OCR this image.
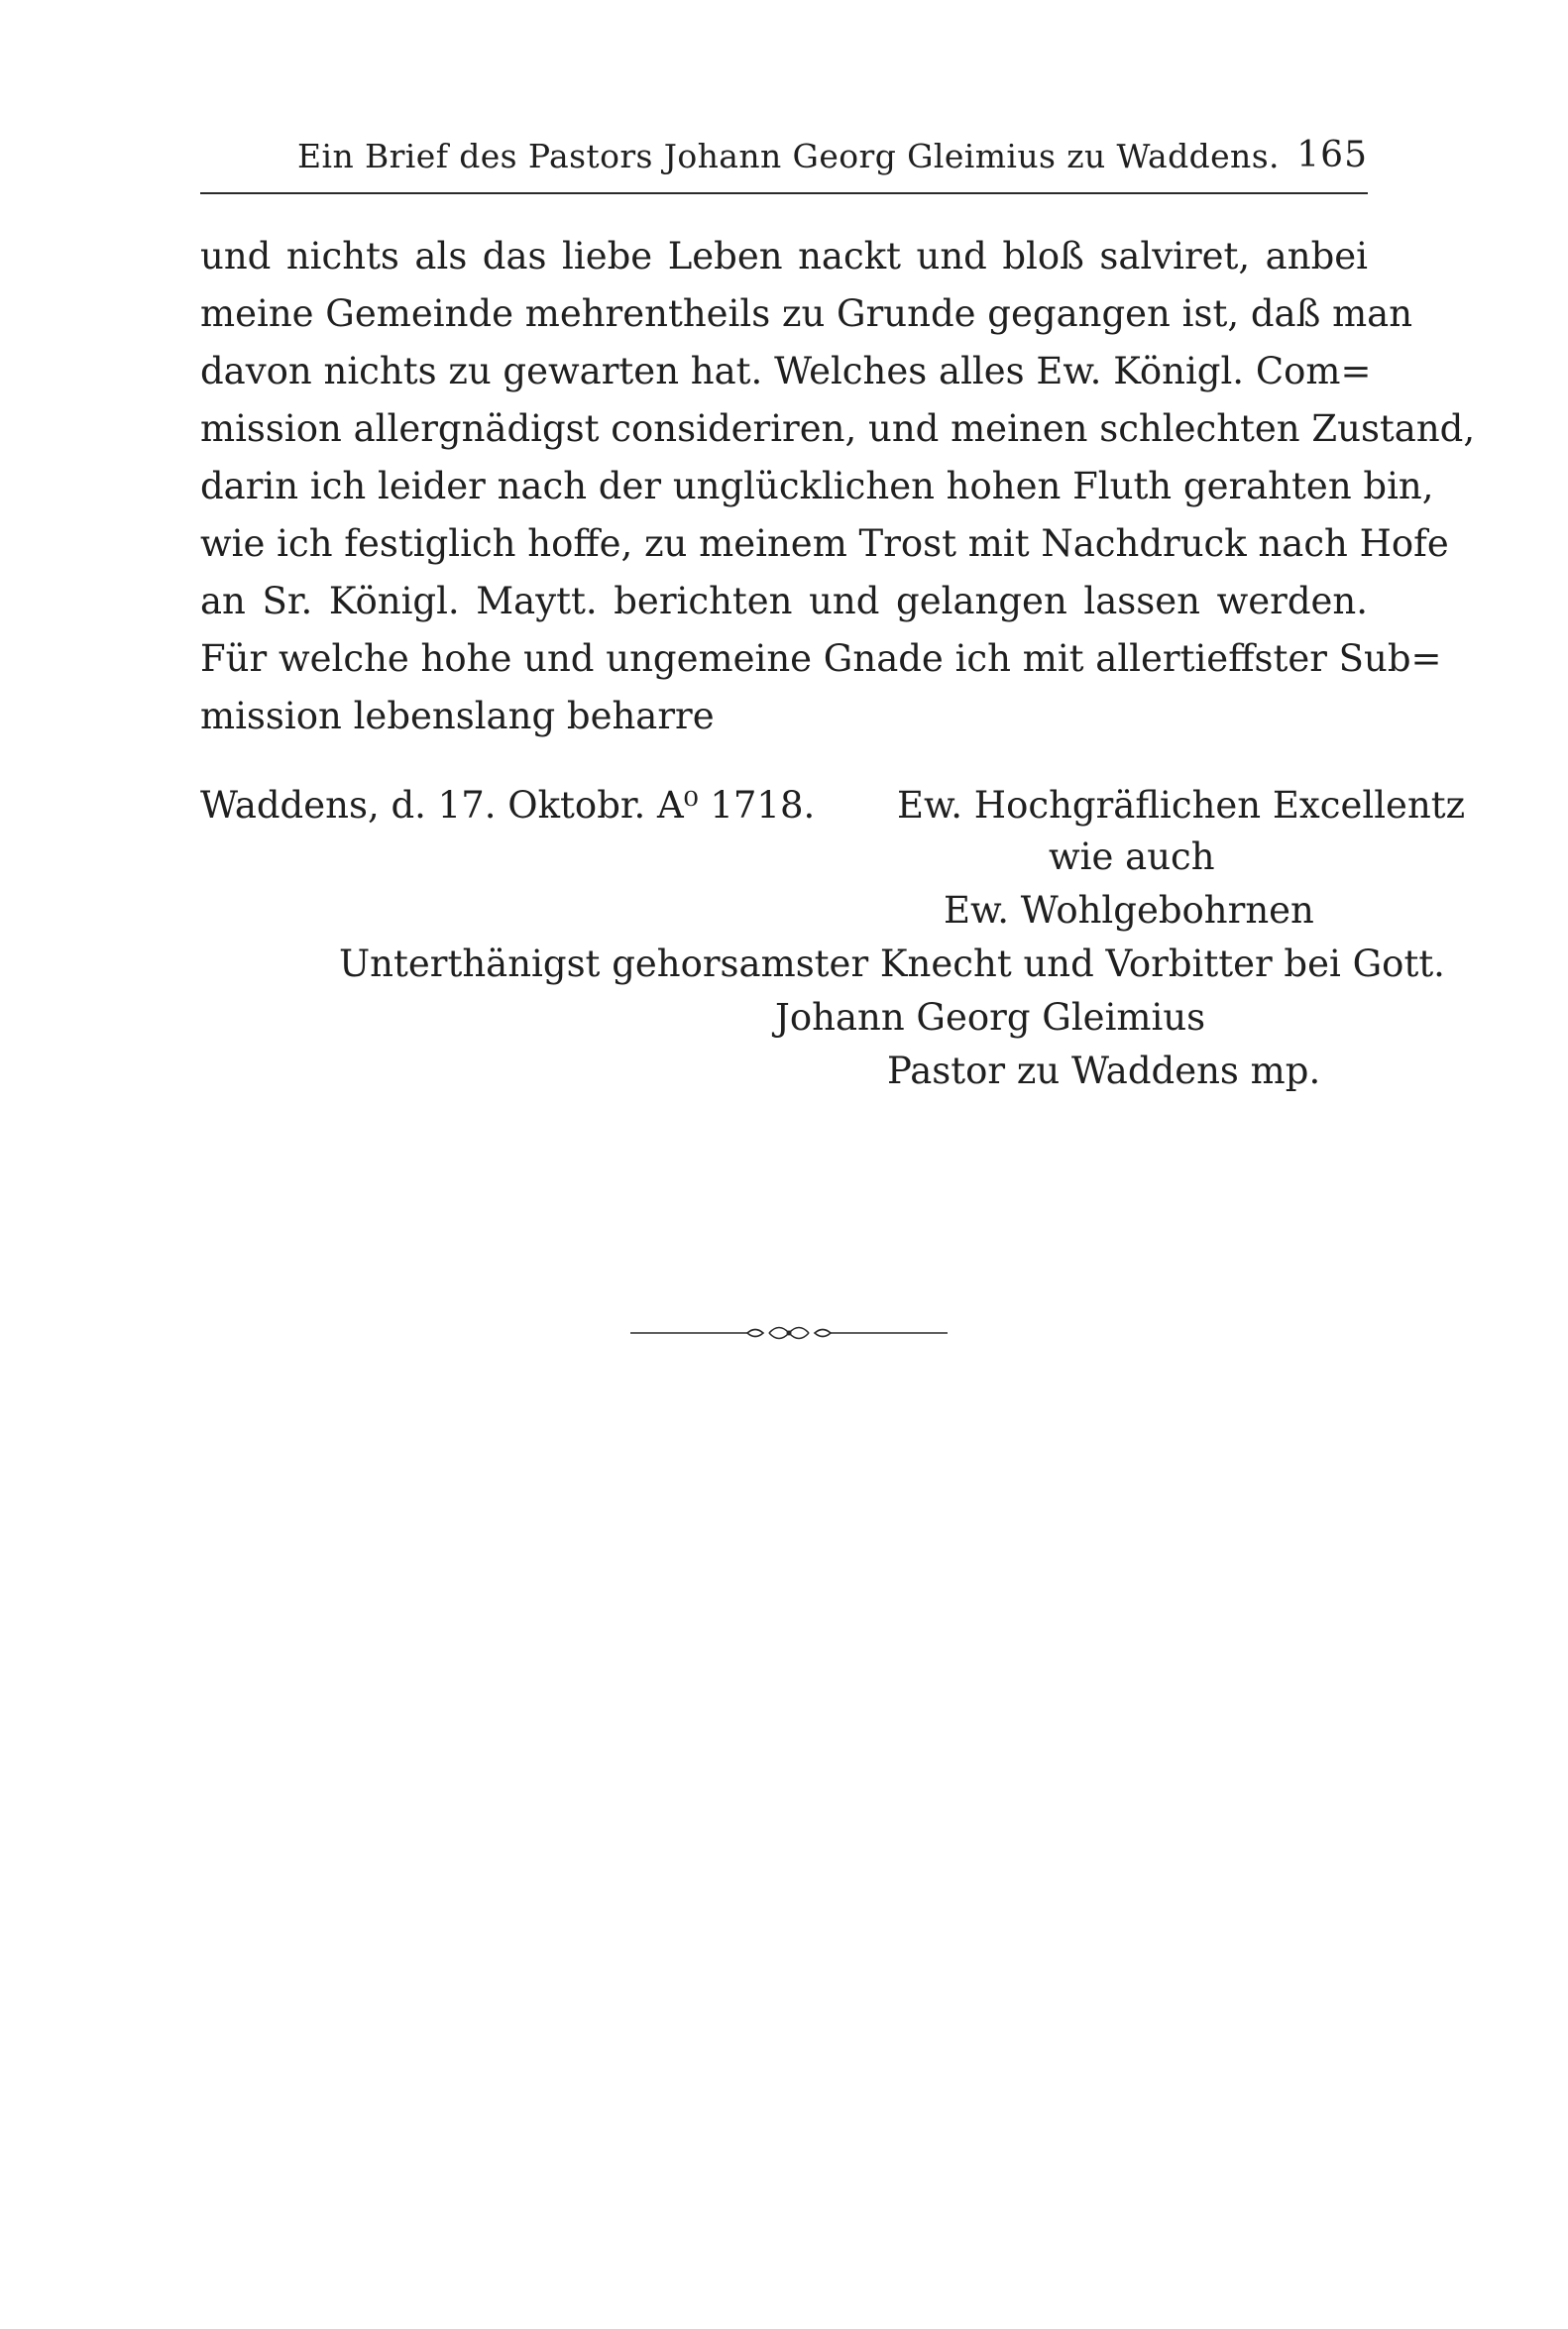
Ein Brief des Pastors Johann Georg Gleimius zu Waddens. 165
und nichts als das liebe Leben nackt und bloß salviret, anbei
meine Gemeinde mehrentheils zu Grunde gegangen ist, daß man
davon nichts zu gewarten hat. Welches alles Ew. Königl. Com=
mission allergnädigst consideriren, und meinen schlechten Zustand,
darin ich leider nach der unglücklichen hohen Fluth gerahten bin,
wie ich festiglich hoffe, zu meinem Trost mit Nachdruck nach Hofe
an Sr. Königl. Maytt. berichten und gelangen lassen werden.
Für welche hohe und ungemeine Gnade ich mit allertieffster Sub=
mission lebenslang beharre
Waddens, d. 17. Oktobr. A⁰ 1718. Ew. Hochgräflichen Excellentz
wie auch
Ew. Wohlgebohrnen
Unterthänigst gehorsamster Knecht und Vorbitter bei Gott.
Johann Georg Gleimius
Pastor zu Waddens mp.
